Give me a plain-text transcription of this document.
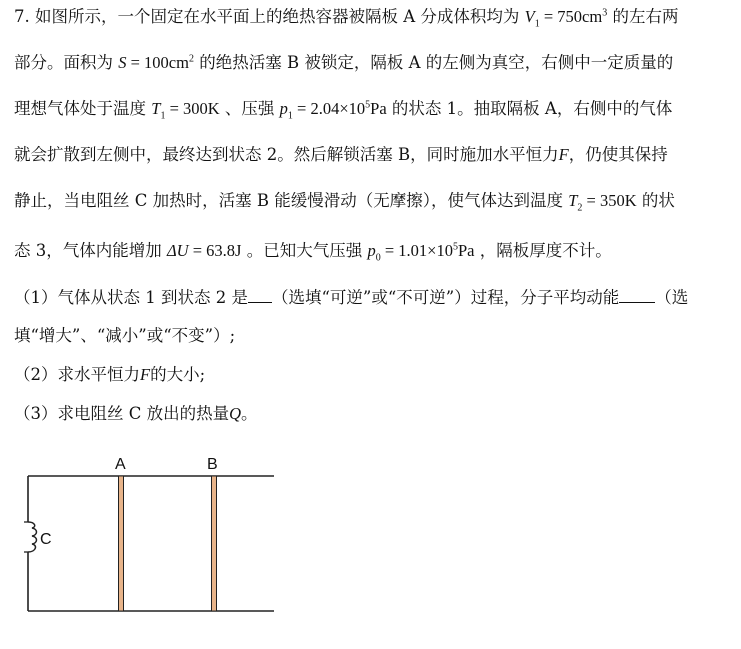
7. 如图所示，一个固定在水平面上的绝热容器被隔板 A 分成体积均为 $V_1 = 750cm^3$ 的左右两
部分。面积为 $S = 100cm^2$ 的绝热活塞 B 被锁定，隔板 A 的左侧为真空，右侧中一定质量的
理想气体处于温度 $T_1 = 300K$ 、压强 $p_1 = 2.04\times 10^5Pa$ 的状态 1。抽取隔板 A，右侧中的气体
就会扩散到左侧中，最终达到状态 2。然后解锁活塞 B，同时施加水平恒力F，仍使其保持
静止，当电阻丝 C 加热时，活塞 B 能缓慢滑动（无摩擦），使气体达到温度 $T_2 = 350K$ 的状
态 3，气体内能增加 ΔU = 63.8J 。已知大气压强 $p_0 = 1.01\times 10^5Pa$ ，隔板厚度不计。
（1）气体从状态 1 到状态 2 是 （选填“可逆”或“不可逆”）过程，分子平均动能 （选
填“增大”、“减小”或“不变”）;
（2）求水平恒力F的大小;
（3）求电阻丝 C 放出的热量Q。
A	B
C
